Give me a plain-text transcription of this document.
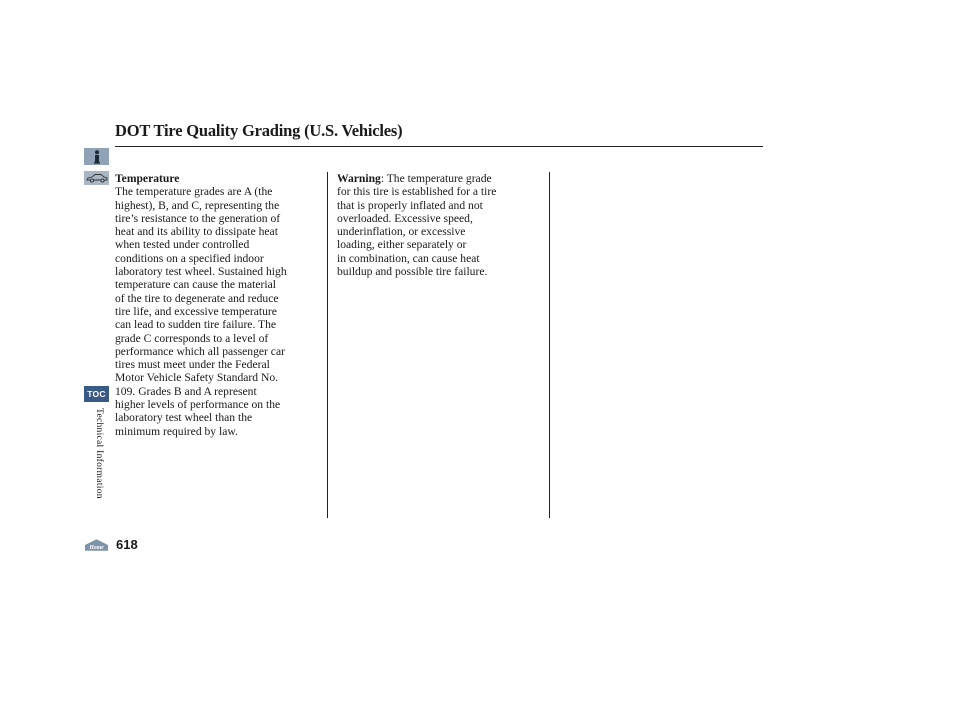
DOT Tire Quality Grading (U.S. Vehicles)
TOC
Technical Information
Home 618
Temperature
The temperature grades are A (the
highest), B, and C, representing the
tire’s resistance to the generation of
heat and its ability to dissipate heat
when tested under controlled
conditions on a specified indoor
laboratory test wheel. Sustained high
temperature can cause the material
of the tire to degenerate and reduce
tire life, and excessive temperature
can lead to sudden tire failure. The
grade C corresponds to a level of
performance which all passenger car
tires must meet under the Federal
Motor Vehicle Safety Standard No.
109. Grades B and A represent
higher levels of performance on the
laboratory test wheel than the
minimum required by law.
Warning: The temperature grade
for this tire is established for a tire
that is properly inflated and not
overloaded. Excessive speed,
underinflation, or excessive
loading, either separately or
in combination, can cause heat
buildup and possible tire failure.
